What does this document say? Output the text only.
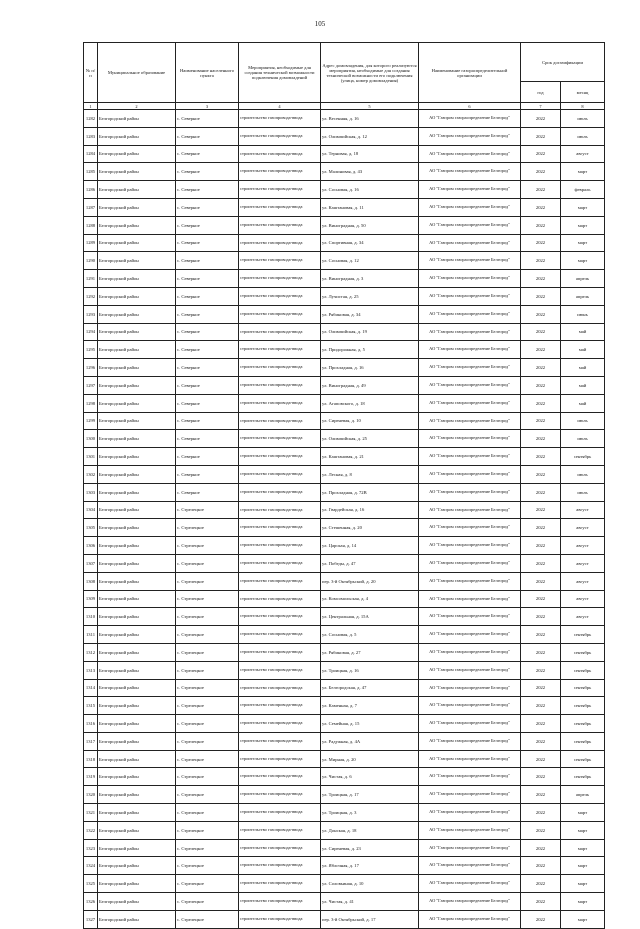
105
№ п/п	Муниципальное образование	Наименование населенного пункта	Мероприятия, необходимые для создания технической возможности подключения домовладений	Адрес домовладения, для которого реализуются мероприятия, необходимые для создания технической возможности его подключения (улица, номер домовладения)	Наименование газораспределительной организации	Срок догазификации	
						год	месяц
1	2	3	4	5	6	7	8
1282	Белгородский район	с. Северное	строительство газопровода-ввода	ул. Весенняя, д. 16	АО "Газпром газораспределение Белгород"	2022	июль
1283	Белгородский район	с. Северное	строительство газопровода-ввода	ул. Олимпийская, д. 12	АО "Газпром газораспределение Белгород"	2022	июль
1284	Белгородский район	с. Северное	строительство газопровода-ввода	ул. Терновая, д. 18	АО "Газпром газораспределение Белгород"	2022	август
1285	Белгородский район	с. Северное	строительство газопровода-ввода	ул. Малиновая, д. 43	АО "Газпром газораспределение Белгород"	2022	март
1286	Белгородский район	с. Северное	строительство газопровода-ввода	ул. Сосновая, д. 16	АО "Газпром газораспределение Белгород"	2022	февраль
1287	Белгородский район	с. Северное	строительство газопровода-ввода	ул. Каштановая, д. 11	АО "Газпром газораспределение Белгород"	2022	март
1288	Белгородский район	с. Северное	строительство газопровода-ввода	ул. Виноградная, д. 50	АО "Газпром газораспределение Белгород"	2022	март
1289	Белгородский район	с. Северное	строительство газопровода-ввода	ул. Спортивная, д. 34	АО "Газпром газораспределение Белгород"	2022	март
1290	Белгородский район	с. Северное	строительство газопровода-ввода	ул. Сосновая, д. 12	АО "Газпром газораспределение Белгород"	2022	март
1291	Белгородский район	с. Северное	строительство газопровода-ввода	ул. Виноградная, д. 3	АО "Газпром газораспределение Белгород"	2022	апрель
1292	Белгородский район	с. Северное	строительство газопровода-ввода	ул. Лучистая, д. 25	АО "Газпром газораспределение Белгород"	2022	апрель
1293	Белгородский район	с. Северное	строительство газопровода-ввода	ул. Рябиновая, д. 34	АО "Газпром газораспределение Белгород"	2022	июнь
1294	Белгородский район	с. Северное	строительство газопровода-ввода	ул. Олимпийская, д. 19	АО "Газпром газораспределение Белгород"	2022	май
1295	Белгородский район	с. Северное	строительство газопровода-ввода	ул. Придорожная, д. 5	АО "Газпром газораспределение Белгород"	2022	май
1296	Белгородский район	с. Северное	строительство газопровода-ввода	ул. Прохладная, д. 16	АО "Газпром газораспределение Белгород"	2022	май
1297	Белгородский район	с. Северное	строительство газопровода-ввода	ул. Виноградная, д. 49	АО "Газпром газораспределение Белгород"	2022	май
1298	Белгородский район	с. Северное	строительство газопровода-ввода	ул. Агаповского, д. 18	АО "Газпром газораспределение Белгород"	2022	май
1299	Белгородский район	с. Северное	строительство газопровода-ввода	ул. Сиреневая, д. 10	АО "Газпром газораспределение Белгород"	2022	июль
1300	Белгородский район	с. Северное	строительство газопровода-ввода	ул. Олимпийская, д. 25	АО "Газпром газораспределение Белгород"	2022	июль
1301	Белгородский район	с. Северное	строительство газопровода-ввода	ул. Каштановая, д. 21	АО "Газпром газораспределение Белгород"	2022	сентябрь
1302	Белгородский район	с. Северное	строительство газопровода-ввода	ул. Лесная, д. 8	АО "Газпром газораспределение Белгород"	2022	июль
1303	Белгородский район	с. Северное	строительство газопровода-ввода	ул. Прохладная, д. 72В	АО "Газпром газораспределение Белгород"	2022	июль
1304	Белгородский район	с. Стрелецкое	строительство газопровода-ввода	ул. Гвардейская, д. 16	АО "Газпром газораспределение Белгород"	2022	август
1305	Белгородский район	с. Стрелецкое	строительство газопровода-ввода	ул. Стешенная, д. 20	АО "Газпром газораспределение Белгород"	2022	август
1306	Белгородский район	с. Стрелецкое	строительство газопровода-ввода	ул. Царская, д. 14	АО "Газпром газораспределение Белгород"	2022	август
1307	Белгородский район	с. Стрелецкое	строительство газопровода-ввода	ул. Победы, д. 47	АО "Газпром газораспределение Белгород"	2022	август
1308	Белгородский район	с. Стрелецкое	строительство газопровода-ввода	пер. 3-й Октябрьский, д. 20	АО "Газпром газораспределение Белгород"	2022	август
1309	Белгородский район	с. Стрелецкое	строительство газопровода-ввода	ул. Комсомольская, д. 4	АО "Газпром газораспределение Белгород"	2022	август
1310	Белгородский район	с. Стрелецкое	строительство газопровода-ввода	ул. Центральная, д. 15А	АО "Газпром газораспределение Белгород"	2022	август
1311	Белгородский район	с. Стрелецкое	строительство газопровода-ввода	ул. Сосновая, д. 5	АО "Газпром газораспределение Белгород"	2022	сентябрь
1312	Белгородский район	с. Стрелецкое	строительство газопровода-ввода	ул. Рябиновая, д. 27	АО "Газпром газораспределение Белгород"	2022	сентябрь
1313	Белгородский район	с. Стрелецкое	строительство газопровода-ввода	ул. Троицкая, д. 16	АО "Газпром газораспределение Белгород"	2022	сентябрь
1314	Белгородский район	с. Стрелецкое	строительство газопровода-ввода	ул. Белгородская, д. 47	АО "Газпром газораспределение Белгород"	2022	сентябрь
1315	Белгородский район	с. Стрелецкое	строительство газопровода-ввода	ул. Каменная, д. 7	АО "Газпром газораспределение Белгород"	2022	сентябрь
1316	Белгородский район	с. Стрелецкое	строительство газопровода-ввода	ул. Семейная, д. 15	АО "Газпром газораспределение Белгород"	2022	сентябрь
1317	Белгородский район	с. Стрелецкое	строительство газопровода-ввода	ул. Радужная, д. 4А	АО "Газпром газораспределение Белгород"	2022	сентябрь
1318	Белгородский район	с. Стрелецкое	строительство газопровода-ввода	ул. Мирная, д. 20	АО "Газпром газораспределение Белгород"	2022	сентябрь
1319	Белгородский район	с. Стрелецкое	строительство газопровода-ввода	ул. Чистая, д. 6	АО "Газпром газораспределение Белгород"	2022	сентябрь
1320	Белгородский район	с. Стрелецкое	строительство газопровода-ввода	ул. Троицкая, д. 17	АО "Газпром газораспределение Белгород"	2022	апрель
1321	Белгородский район	с. Стрелецкое	строительство газопровода-ввода	ул. Троицкая, д. 3	АО "Газпром газораспределение Белгород"	2022	март
1322	Белгородский район	с. Стрелецкое	строительство газопровода-ввода	ул. Донская, д. 18	АО "Газпром газораспределение Белгород"	2022	март
1323	Белгородский район	с. Стрелецкое	строительство газопровода-ввода	ул. Сиреневая, д. 23	АО "Газпром газораспределение Белгород"	2022	март
1324	Белгородский район	с. Стрелецкое	строительство газопровода-ввода	ул. Яблочная, д. 17	АО "Газпром газораспределение Белгород"	2022	март
1325	Белгородский район	с. Стрелецкое	строительство газопровода-ввода	ул. Соловьиная, д. 10	АО "Газпром газораспределение Белгород"	2022	март
1326	Белгородский район	с. Стрелецкое	строительство газопровода-ввода	ул. Чистая, д. 41	АО "Газпром газораспределение Белгород"	2022	март
1327	Белгородский район	с. Стрелецкое	строительство газопровода-ввода	пер. 3-й Октябрьский, д. 17	АО "Газпром газораспределение Белгород"	2022	март
